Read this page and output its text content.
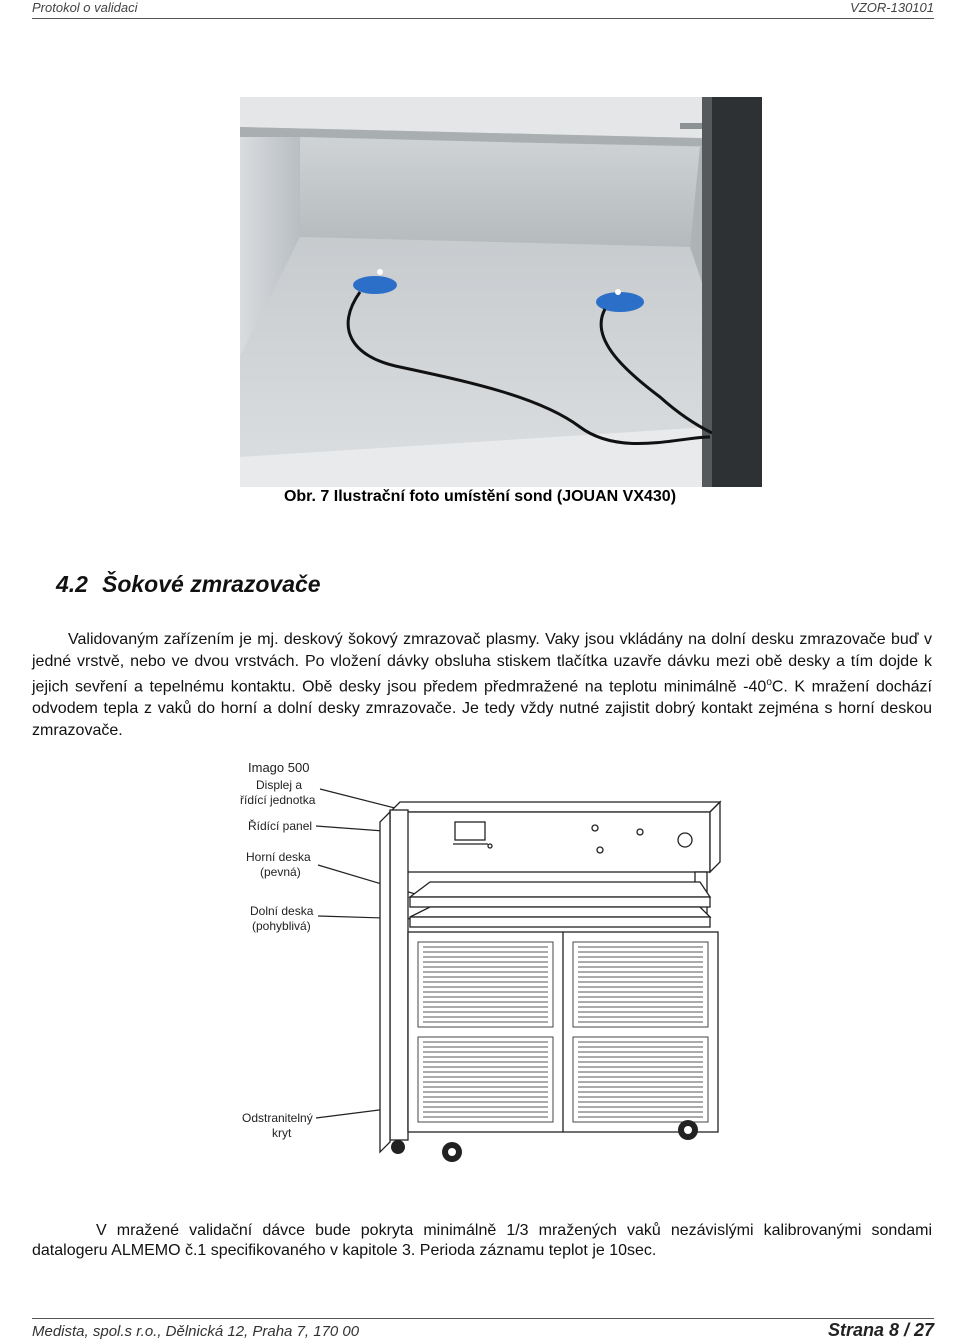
Protokol o validaci	VZOR-130101
Obr. 7 Ilustrační foto umístění sond (JOUAN VX430)
4.2 Šokové zmrazovače
Validovaným zařízením je mj. deskový šokový zmrazovač plasmy. Vaky jsou vkládány na dolní desku zmrazovače buď v jedné vrstvě, nebo ve dvou vrstvách. Po vložení dávky obsluha stiskem tlačítka uzavře dávku mezi obě desky a tím dojde k jejich sevření a tepelnému kontaktu. Obě desky jsou předem předmražené na teplotu minimálně -40$^o$C. K mražení dochází odvodem tepla z vaků do horní a dolní desky zmrazovače. Je tedy vždy nutné zajistit dobrý kontakt zejména s horní deskou zmrazovače.
Imago 500
Displej a
řídící jednotka
Řídící panel
Horní deska
(pevná)
Dolní deska
(pohyblivá)
Odstranitelný
kryt
V mražené validační dávce bude pokryta minimálně 1/3 mražených vaků nezávislými kalibrovanými sondami datalogeru ALMEMO č.1 specifikovaného v kapitole 3. Perioda záznamu teplot je 10sec.
Medista, spol.s r.o., Dělnická 12, Praha 7, 170 00	Strana 8 / 27
